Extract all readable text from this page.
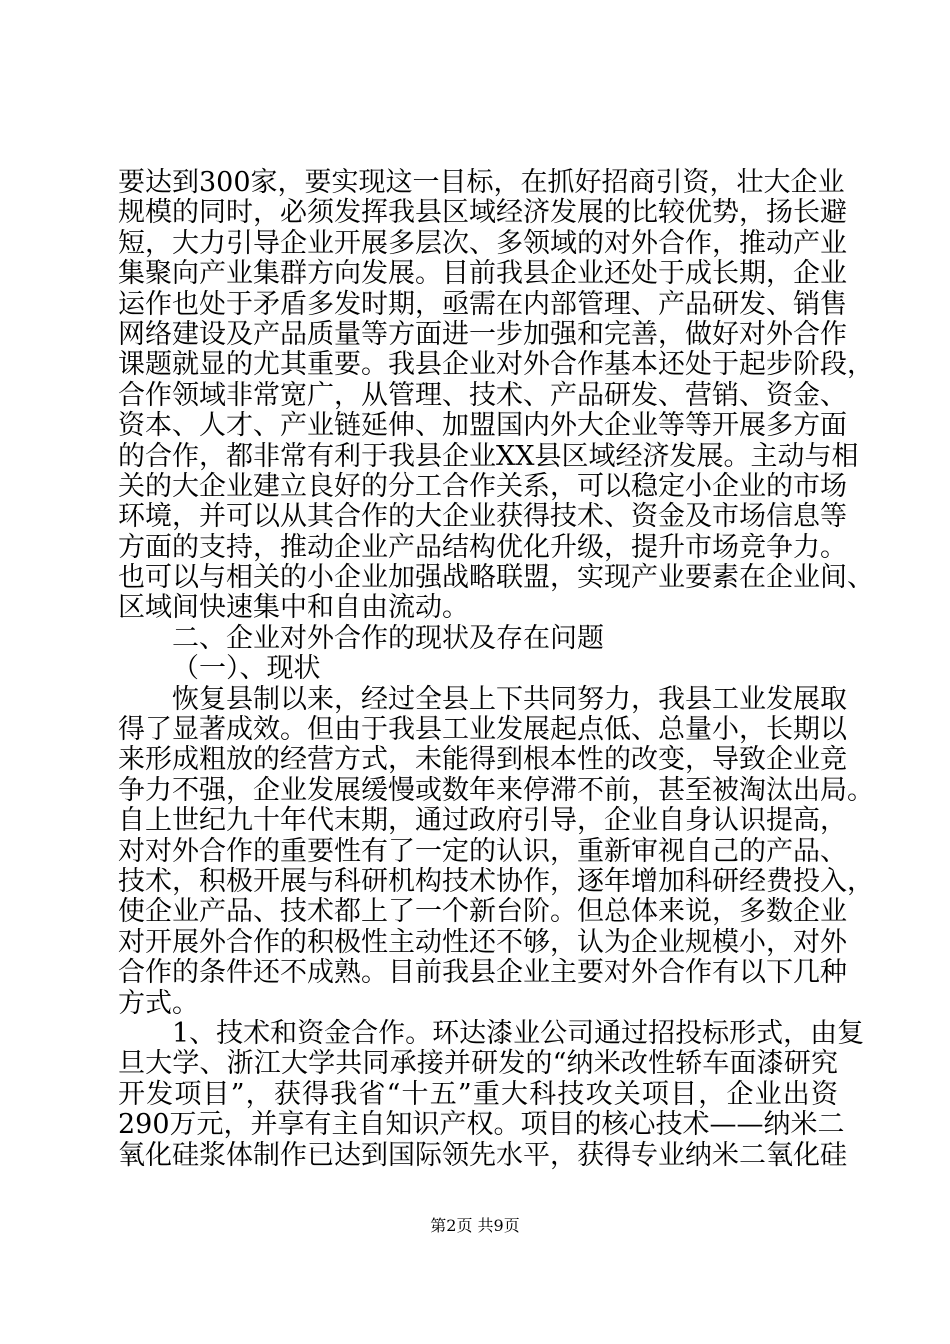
要达到300家，要实现这一目标，在抓好招商引资，壮大企业
规模的同时，必须发挥我县区域经济发展的比较优势，扬长避
短，大力引导企业开展多层次、多领域的对外合作，推动产业
集聚向产业集群方向发展。目前我县企业还处于成长期，企业
运作也处于矛盾多发时期，亟需在内部管理、产品研发、销售
网络建设及产品质量等方面进一步加强和完善，做好对外合作
课题就显的尤其重要。我县企业对外合作基本还处于起步阶段，
合作领域非常宽广，从管理、技术、产品研发、营销、资金、
资本、人才、产业链延伸、加盟国内外大企业等等开展多方面
的合作，都非常有利于我县企业XX县区域经济发展。主动与相
关的大企业建立良好的分工合作关系，可以稳定小企业的市场
环境，并可以从其合作的大企业获得技术、资金及市场信息等
方面的支持，推动企业产品结构优化升级，提升市场竞争力。
也可以与相关的小企业加强战略联盟，实现产业要素在企业间、
区域间快速集中和自由流动。
二、企业对外合作的现状及存在问题
（一）、现状
恢复县制以来，经过全县上下共同努力，我县工业发展取
得了显著成效。但由于我县工业发展起点低、总量小，长期以
来形成粗放的经营方式，未能得到根本性的改变，导致企业竞
争力不强，企业发展缓慢或数年来停滞不前，甚至被淘汰出局。
自上世纪九十年代末期，通过政府引导，企业自身认识提高，
对对外合作的重要性有了一定的认识，重新审视自己的产品、
技术，积极开展与科研机构技术协作，逐年增加科研经费投入，
使企业产品、技术都上了一个新台阶。但总体来说，多数企业
对开展外合作的积极性主动性还不够，认为企业规模小，对外
合作的条件还不成熟。目前我县企业主要对外合作有以下几种
方式。
1、技术和资金合作。环达漆业公司通过招投标形式，由复
旦大学、浙江大学共同承接并研发的“纳米改性轿车面漆研究
开发项目”，获得我省“十五”重大科技攻关项目，企业出资
290万元，并享有主自知识产权。项目的核心技术——纳米二
氧化硅浆体制作已达到国际领先水平，获得专业纳米二氧化硅
第2页 共9页
